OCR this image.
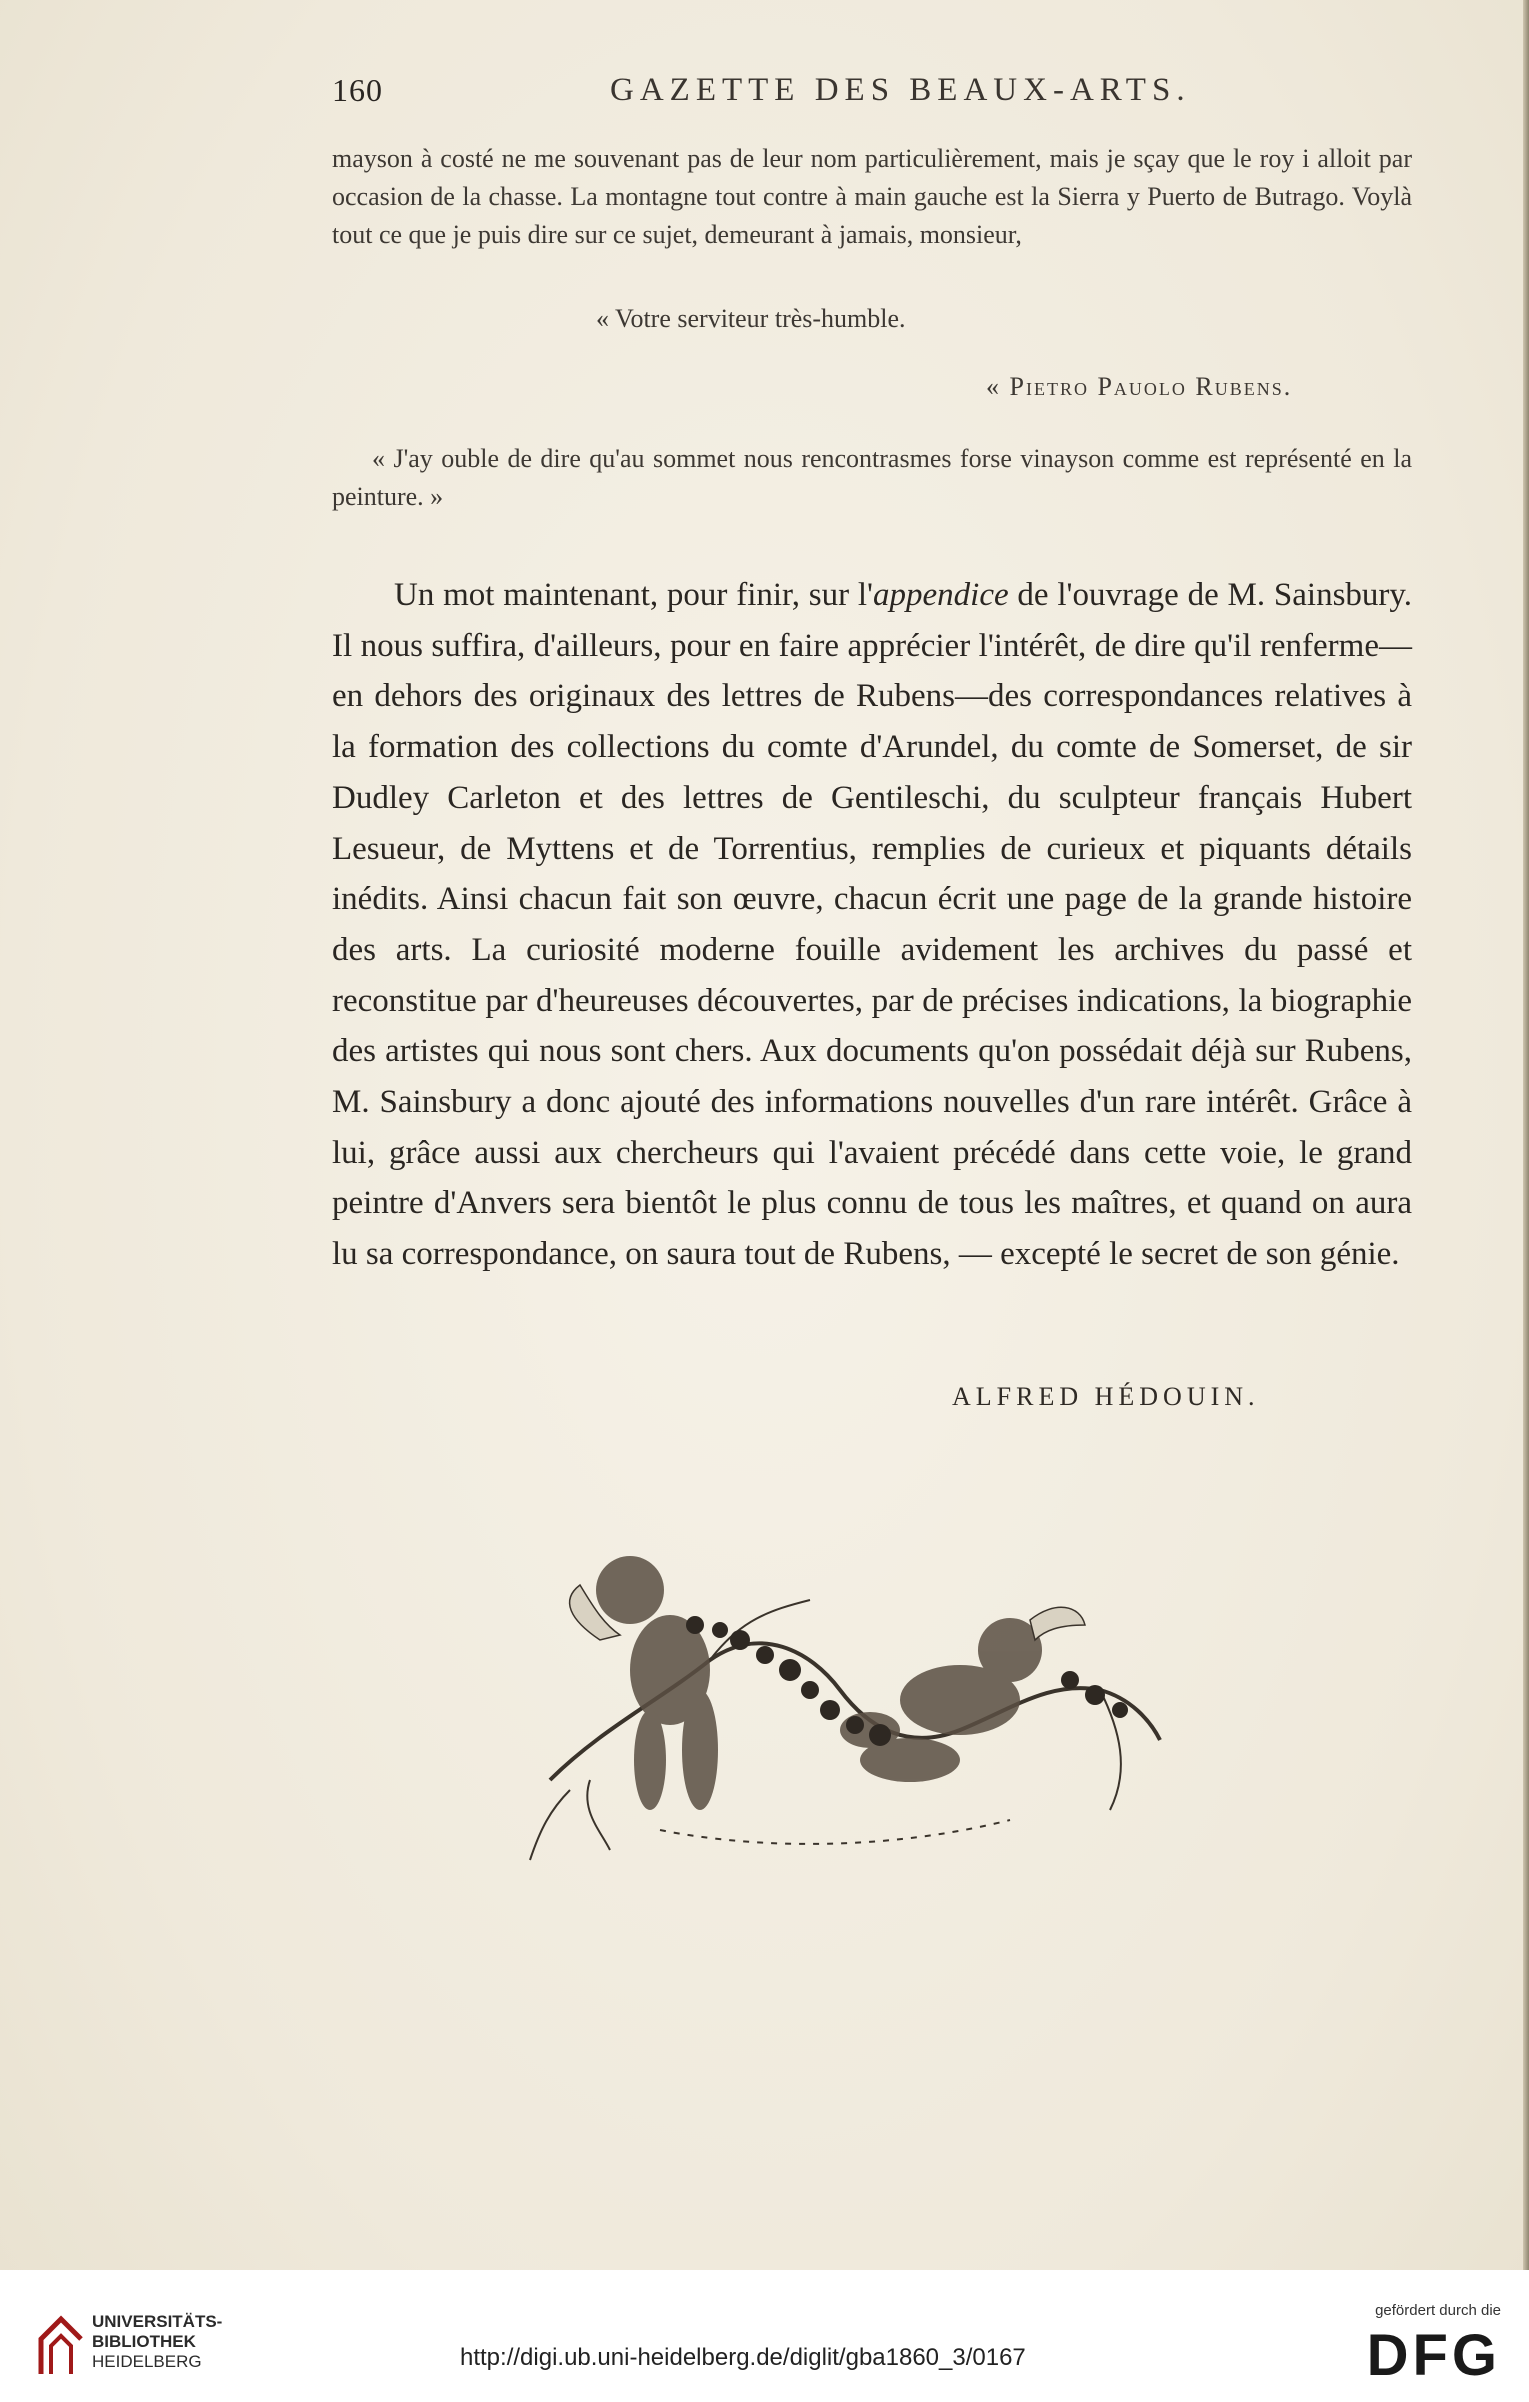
160	GAZETTE DES BEAUX-ARTS.

mayson à costé ne me souvenant pas de leur nom particulièrement, mais je sçay que le roy i alloit par occasion de la chasse. La montagne tout contre à main gauche est la Sierra y Puerto de Butrago. Voylà tout ce que je puis dire sur ce sujet, demeurant à jamais, monsieur,

« Votre serviteur très-humble.
« Pietro Pauolo Rubens.
« J'ay ouble de dire qu'au sommet nous rencontrasmes forse vinayson comme est représenté en la peinture. »

Un mot maintenant, pour finir, sur l'appendice de l'ouvrage de M. Sainsbury. Il nous suffira, d'ailleurs, pour en faire apprécier l'intérêt, de dire qu'il renferme—en dehors des originaux des lettres de Rubens—des correspondances relatives à la formation des collections du comte d'Arundel, du comte de Somerset, de sir Dudley Carleton et des lettres de Gentileschi, du sculpteur français Hubert Lesueur, de Myttens et de Torrentius, remplies de curieux et piquants détails inédits. Ainsi chacun fait son œuvre, chacun écrit une page de la grande histoire des arts. La curiosité moderne fouille avidement les archives du passé et reconstitue par d'heureuses découvertes, par de précises indications, la biographie des artistes qui nous sont chers. Aux documents qu'on possédait déjà sur Rubens, M. Sainsbury a donc ajouté des informations nouvelles d'un rare intérêt. Grâce à lui, grâce aussi aux chercheurs qui l'avaient précédé dans cette voie, le grand peintre d'Anvers sera bientôt le plus connu de tous les maîtres, et quand on aura lu sa correspondance, on saura tout de Rubens, — excepté le secret de son génie.

ALFRED HÉDOUIN.
UNIVERSITÄTS-
BIBLIOTHEK
HEIDELBERG	http://digi.ub.uni-heidelberg.de/diglit/gba1860_3/0167
gefördert durch die
DFG
